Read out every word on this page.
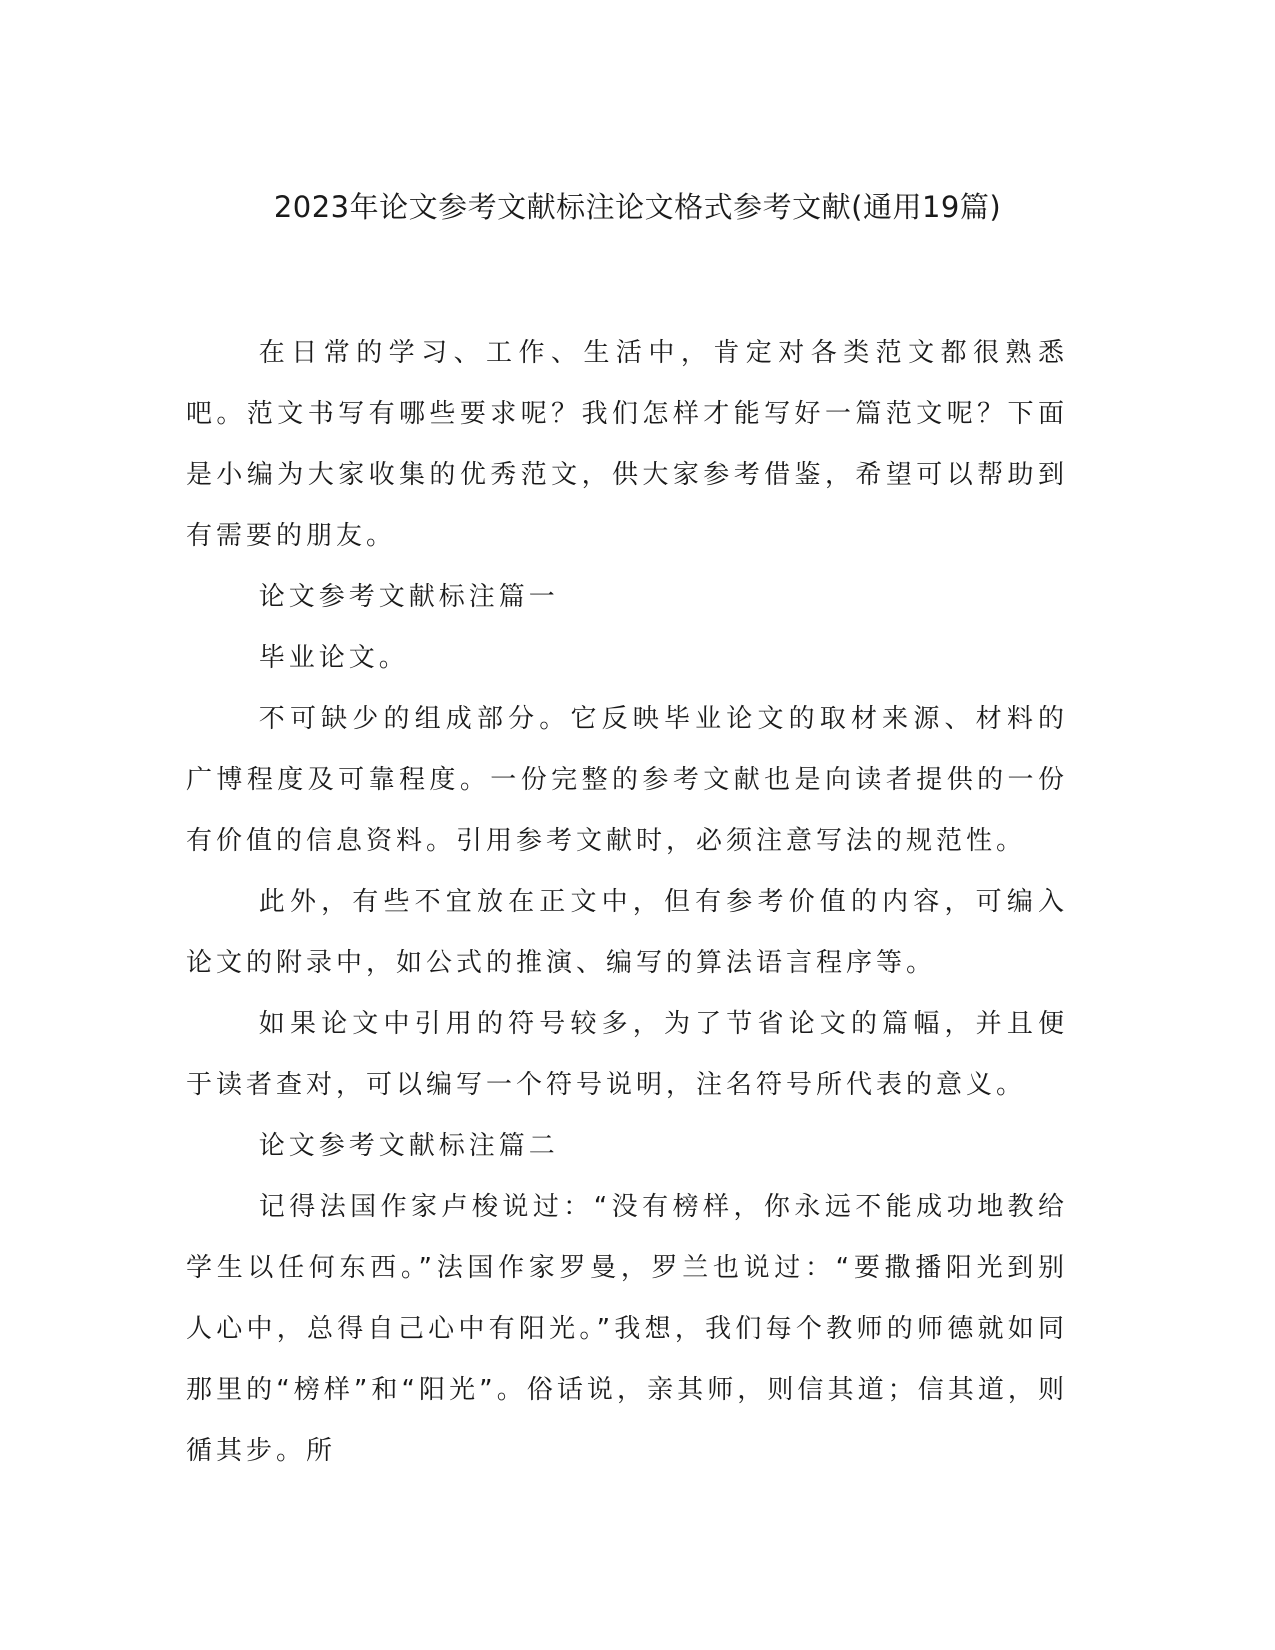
2023年论文参考文献标注论文格式参考文献(通用19篇)

在日常的学习、工作、生活中，肯定对各类范文都很熟悉吧。范文书写有哪些要求呢？我们怎样才能写好一篇范文呢？下面是小编为大家收集的优秀范文，供大家参考借鉴，希望可以帮助到有需要的朋友。

论文参考文献标注篇一

毕业论文。

不可缺少的组成部分。它反映毕业论文的取材来源、材料的广博程度及可靠程度。一份完整的参考文献也是向读者提供的一份有价值的信息资料。引用参考文献时，必须注意写法的规范性。

此外，有些不宜放在正文中，但有参考价值的内容，可编入论文的附录中，如公式的推演、编写的算法语言程序等。

如果论文中引用的符号较多，为了节省论文的篇幅，并且便于读者查对，可以编写一个符号说明，注名符号所代表的意义。

论文参考文献标注篇二

记得法国作家卢梭说过：“没有榜样，你永远不能成功地教给学生以任何东西。”法国作家罗曼，罗兰也说过：“要撒播阳光到别人心中，总得自己心中有阳光。”我想，我们每个教师的师德就如同那里的“榜样”和“阳光”。俗话说，亲其师，则信其道；信其道，则循其步。所
